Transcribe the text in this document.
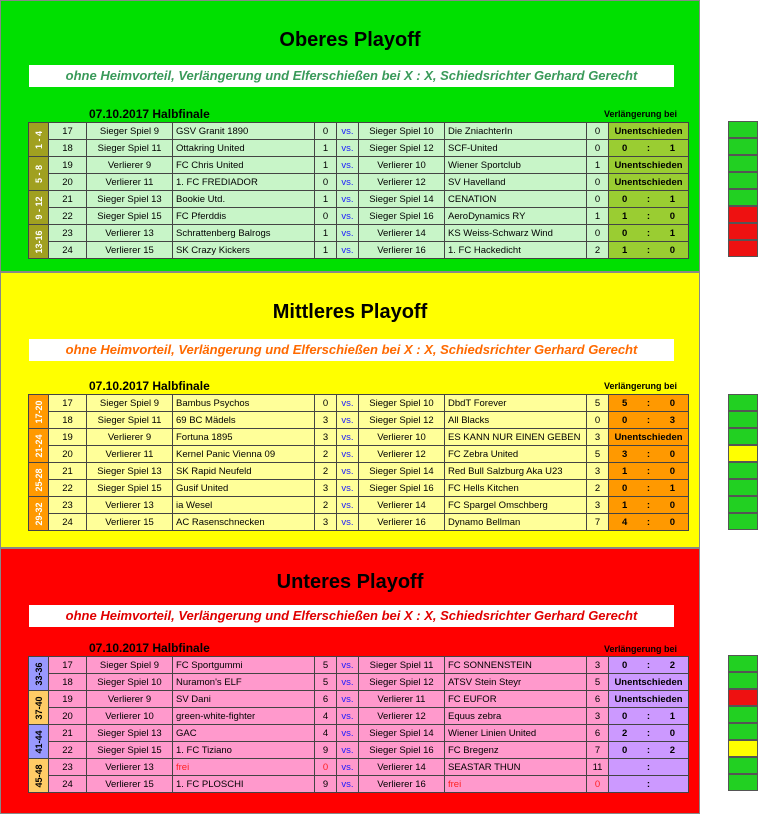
Oberes Playoff
ohne Heimvorteil, Verlängerung und Elferschießen bei X : X, Schiedsrichter Gerhard Gerecht
07.10.2017 Halbfinale	Verlängerung bei
1 - 4	17	Sieger Spiel 9	GSV Granit 1890	0	vs.	Sieger Spiel 10	Die ZniachterIn	0	Unentschieden
	18	Sieger Spiel 11	Ottakring United	1	vs.	Sieger Spiel 12	SCF-United	0	0 : 1

5 - 8	19	Verlierer 9	FC Chris United	1	vs.	Verlierer 10	Wiener Sportclub	1	Unentschieden
	20	Verlierer 11	1. FC FREDIADOR	0	vs.	Verlierer 12	SV Havelland	0	Unentschieden

9 - 12	21	Sieger Spiel 13	Bookie Utd.	1	vs.	Sieger Spiel 14	CENATION	0	0 : 1

	22	Sieger Spiel 15	FC Pferddis	0	vs.	Sieger Spiel 16	AeroDynamics RY	1	1 : 0

13-16	23	Verlierer 13	Schrattenberg Balrogs	1	vs.	Verlierer 14	KS Weiss-Schwarz Wind	0	0 : 1

	24	Verlierer 15	SK Crazy Kickers	1	vs.	Verlierer 16	1. FC Hackedicht	2	1 : 0
Mittleres Playoff
ohne Heimvorteil, Verlängerung und Elferschießen bei X : X, Schiedsrichter Gerhard Gerecht
07.10.2017 Halbfinale	Verlängerung bei
17-20	17	Sieger Spiel 9	Bambus Psychos	0	vs.	Sieger Spiel 10	DbdT Forever	5	5 : 0

	18	Sieger Spiel 11	69 BC Mädels	3	vs.	Sieger Spiel 12	All Blacks	0	0 : 3

21-24	19	Verlierer 9	Fortuna 1895	3	vs.	Verlierer 10	ES KANN NUR EINEN GEBEN	3	Unentschieden
	20	Verlierer 11	Kernel Panic Vienna 09	2	vs.	Verlierer 12	FC Zebra United	5	3 : 0

25-28	21	Sieger Spiel 13	SK Rapid Neufeld	2	vs.	Sieger Spiel 14	Red Bull Salzburg Aka U23	3	1 : 0

	22	Sieger Spiel 15	Gusif United	3	vs.	Sieger Spiel 16	FC Hells Kitchen	2	0 : 1

29-32	23	Verlierer 13	ia Wesel	2	vs.	Verlierer 14	FC Spargel Omschberg	3	1 : 0

	24	Verlierer 15	AC Rasenschnecken	3	vs.	Verlierer 16	Dynamo Bellman	7	4 : 0
Unteres Playoff
ohne Heimvorteil, Verlängerung und Elferschießen bei X : X, Schiedsrichter Gerhard Gerecht
07.10.2017 Halbfinale	Verlängerung bei
33-36	17	Sieger Spiel 9	FC Sportgummi	5	vs.	Sieger Spiel 11	FC SONNENSTEIN	3	0 : 2

	18	Sieger Spiel 10	Nuramon's ELF	5	vs.	Sieger Spiel 12	ATSV Stein Steyr	5	Unentschieden

37-40	19	Verlierer 9	SV Dani	6	vs.	Verlierer 11	FC EUFOR	6	Unentschieden
	20	Verlierer 10	green-white-fighter	4	vs.	Verlierer 12	Equus zebra	3	0 : 1

41-44	21	Sieger Spiel 13	GAC	4	vs.	Sieger Spiel 14	Wiener Linien United	6	2 : 0

	22	Sieger Spiel 15	1. FC Tiziano	9	vs.	Sieger Spiel 16	FC Bregenz	7	0 : 2

45-48	23	Verlierer 13	frei	0	vs.	Verlierer 14	SEASTAR THUN	11	:

	24	Verlierer 15	1. FC PLOSCHI	9	vs.	Verlierer 16	frei	0	:
